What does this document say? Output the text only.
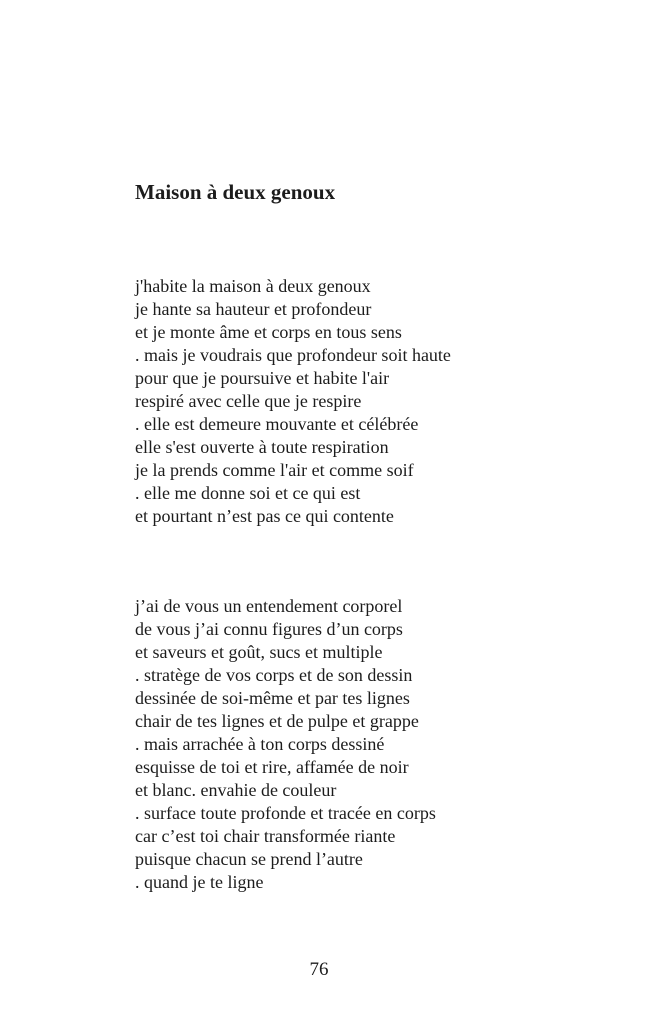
Maison à deux genoux
j'habite la maison à deux genoux
je hante sa hauteur et profondeur
et je monte âme et corps en tous sens
. mais je voudrais que profondeur soit haute
pour que je poursuive et habite l'air
respiré avec celle que je respire
. elle est demeure mouvante et célébrée
elle s'est ouverte à toute respiration
je la prends comme l'air et comme soif
. elle me donne soi et ce qui est
et pourtant n’est pas ce qui contente
j’ai de vous un entendement corporel
de vous j’ai connu figures d’un corps
et saveurs et goût, sucs et multiple
. stratège de vos corps et de son dessin
dessinée de soi-même et par tes lignes
chair de tes lignes et de pulpe et grappe
. mais arrachée à ton corps dessiné
esquisse de toi et rire, affamée de noir
et blanc. envahie de couleur
. surface toute profonde et tracée en corps
car c’est toi chair transformée riante
puisque chacun se prend l’autre
. quand je te ligne
76
